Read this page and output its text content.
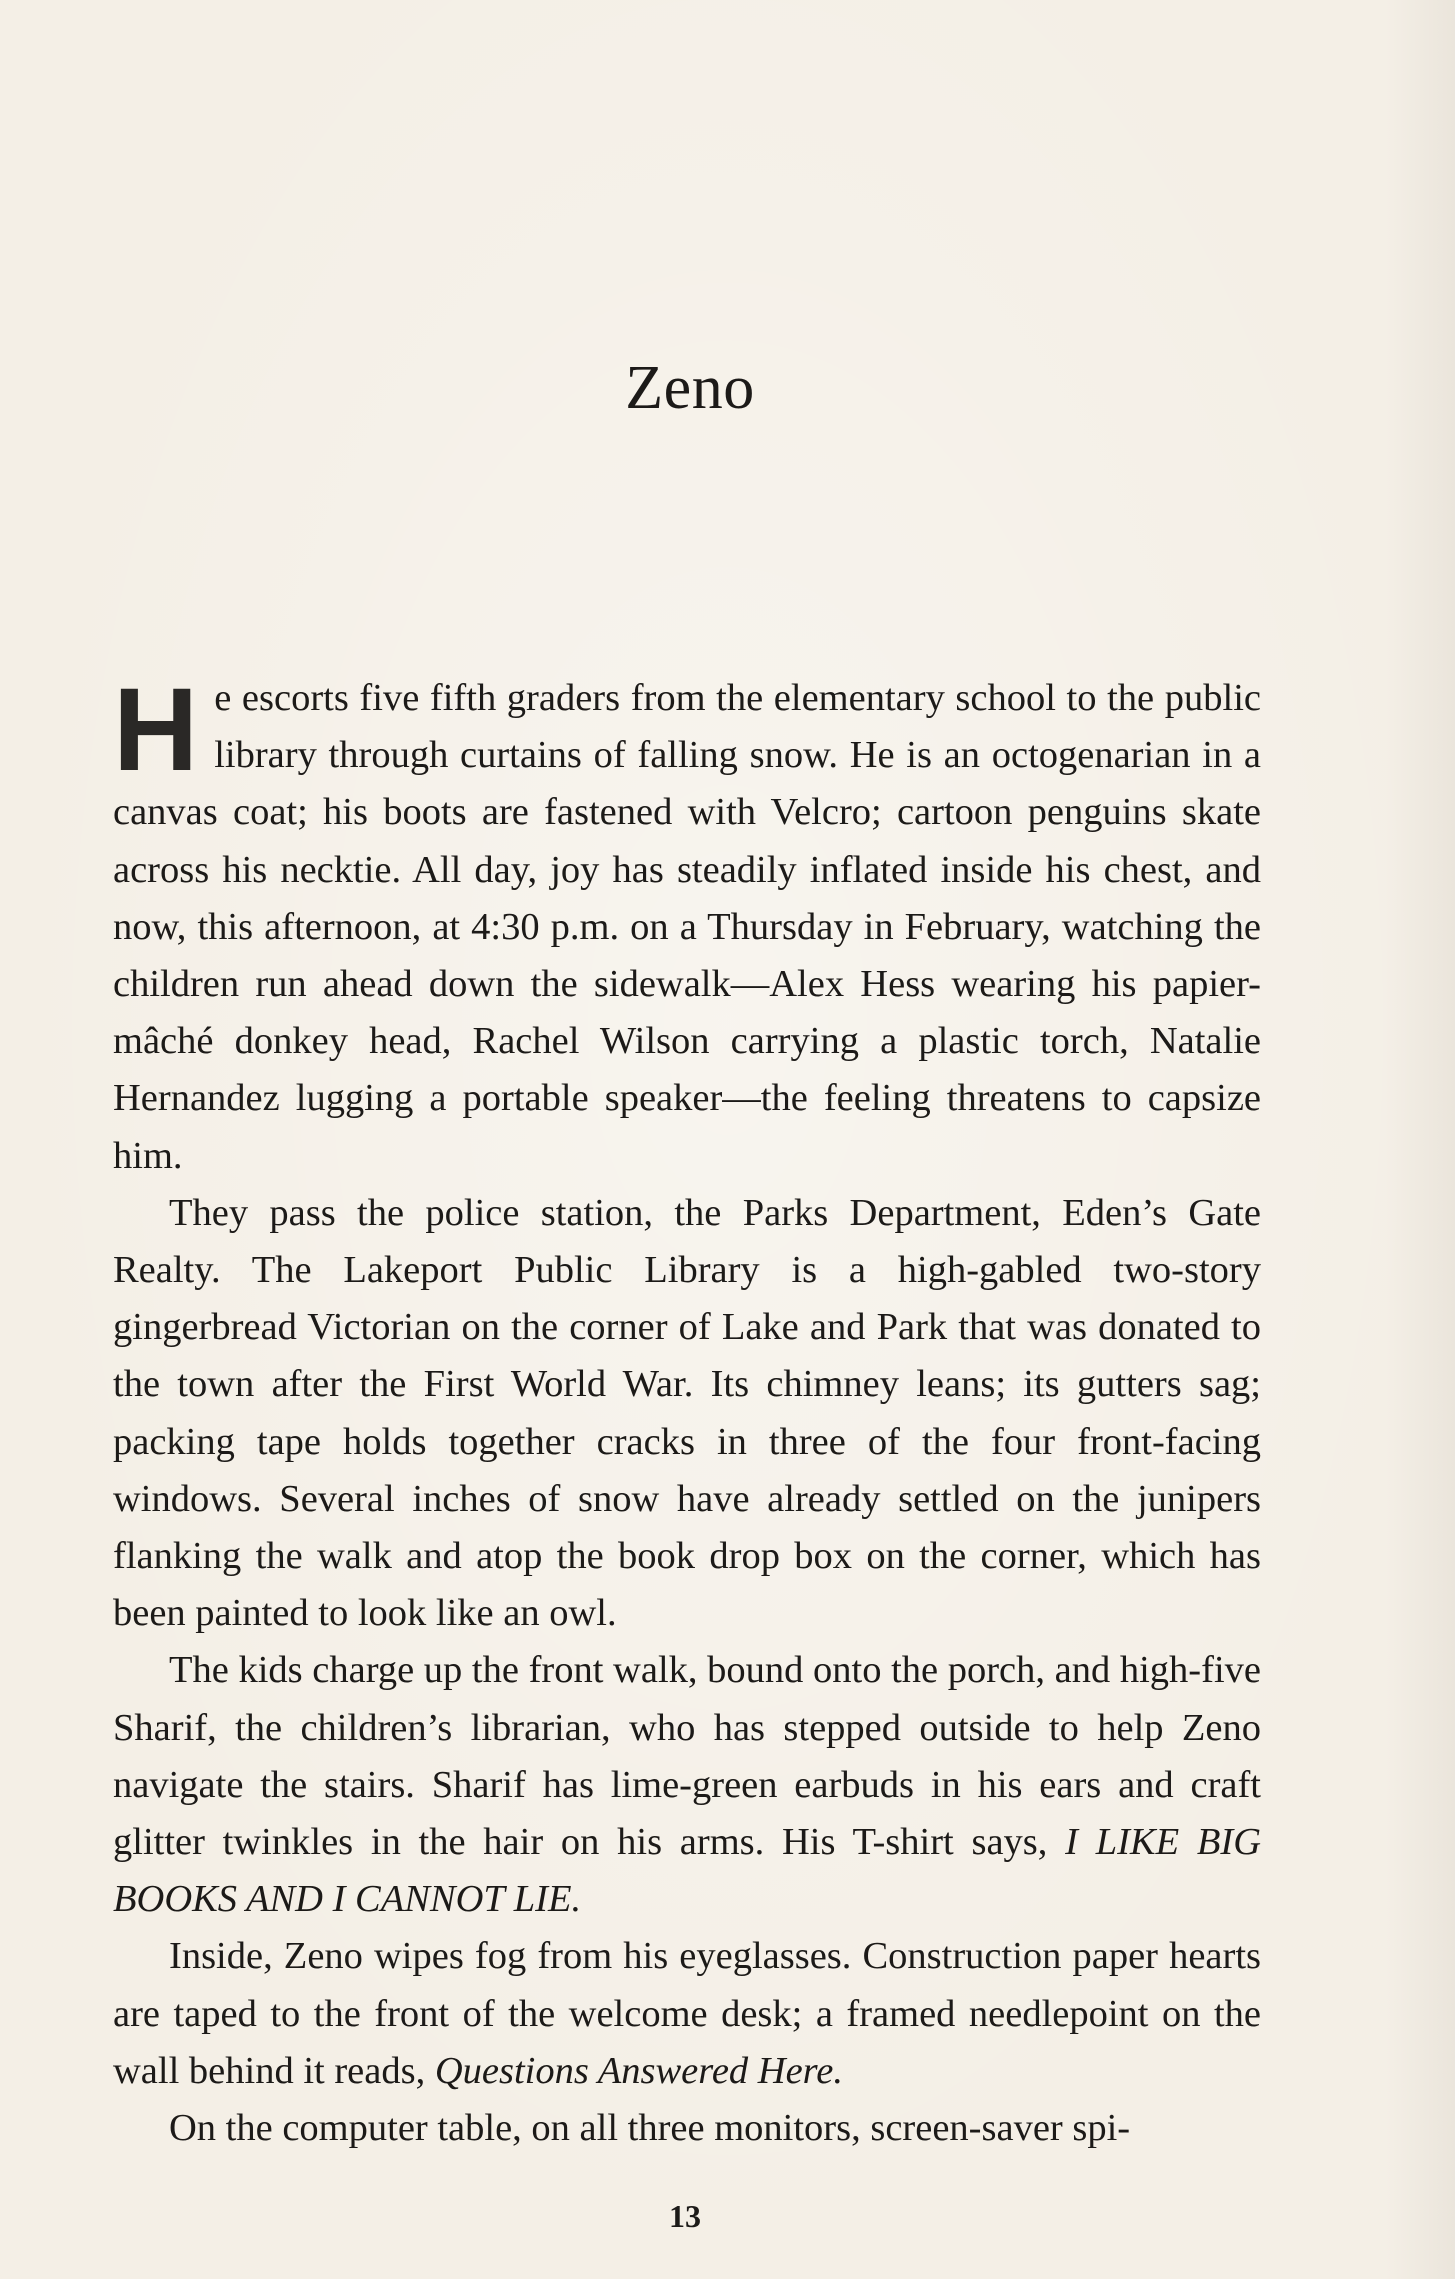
Zeno

He escorts five fifth graders from the elementary school to the public library through curtains of falling snow. He is an octogenarian in a canvas coat; his boots are fastened with Velcro; cartoon penguins skate across his necktie. All day, joy has steadily inflated inside his chest, and now, this afternoon, at 4:30 p.m. on a Thursday in February, watching the children run ahead down the sidewalk—Alex Hess wearing his papier-mâché donkey head, Rachel Wilson carrying a plastic torch, Natalie Hernandez lugging a portable speaker—the feeling threatens to capsize him.

They pass the police station, the Parks Department, Eden’s Gate Realty. The Lakeport Public Library is a high-gabled two-story gingerbread Victorian on the corner of Lake and Park that was donated to the town after the First World War. Its chimney leans; its gutters sag; packing tape holds together cracks in three of the four front-facing windows. Several inches of snow have already settled on the junipers flanking the walk and atop the book drop box on the corner, which has been painted to look like an owl.

The kids charge up the front walk, bound onto the porch, and high-five Sharif, the children’s librarian, who has stepped outside to help Zeno navigate the stairs. Sharif has lime-green earbuds in his ears and craft glitter twinkles in the hair on his arms. His T-shirt says, I LIKE BIG BOOKS AND I CANNOT LIE.

Inside, Zeno wipes fog from his eyeglasses. Construction paper hearts are taped to the front of the welcome desk; a framed needlepoint on the wall behind it reads, Questions Answered Here.

On the computer table, on all three monitors, screen-saver spi-

13
